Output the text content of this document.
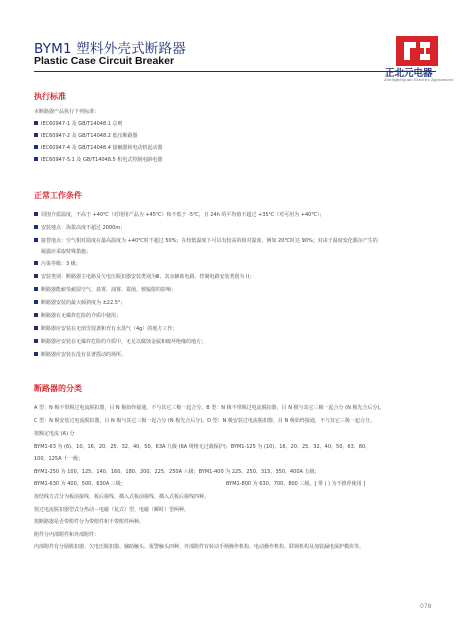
BYM1 塑料外壳式断路器
Plastic Case Circuit Breaker
正北元电器
Zhengbeiyuan Electric Appliances
执行标准
本断路器产品执行下列标准：
IEC60947-1 及 GB/T14048.1 总则
IEC60947-2 及 GB/T14048.2 低压断路器
IEC60947-4 及 GB/T14048.4 接触器和电动机起动器
IEC60947-5.1 及 GB/T14048.5 机电式控制电路电器
正常工作条件
周围介质温度，不高于 +40℃（对现用产品为 +45℃）和不低于 -5℃，且 24h 的平均值不超过 +35℃（对可用为 +40℃）；
安装地点：海拔高度不超过 2000m；
接替地点：空气相对温度在最高温度为 +40℃时不超过 50%；在较低温度下可以有较高的相对温度，例如 20℃时达 90%；对由于温度变化偶尔产生的
凝露应采取特殊措施；
污染等级：3 级；
安装类别：断路器主电路及欠电压脱扣器安装类别为Ⅲ，其余辅助电路、控制电路安装类别为 II；
断路器能耐受耐湿空气、盐雾、油雾、霉菌、核辐射的影响；
断路器安装的最大倾斜度为 ±22.5°；
断路器在无爆炸危险的介质中使用；
断路器应安装在无雨雪侵袭和充有水蒸气（4g）的地方工作；
断路器应安装在无爆炸危险的介质中，无足以腐蚀金属和破坏绝缘的地方；
断路器应安装在没有显著摇动的场所。
断路器的分类
A 型：N 极不带脱过电流脱扣器，目 N 极始终接通，不与其它三极一起合分。B 型：N 极不带脱过电流脱扣器，目 N 极与其它三极一起合分 (N 极先合后分)。
C 型：N 极安装过电流脱扣器，目 N 极与其它三极一起合分 (N 极先合后分)。D 型：N 极安装过电流脱扣器，目 N 极始终接通，不与其它三极一起合分。
按额定电流 (A) 分
BYM1-63 为 (6)、10、16、20、25、32、40、50、63A 九级 (6A 规格无过载保护)；BYM1-125 为 (10)、16、20、25、32、40、50、63、80、
100、125A 十一级；
BYM1-250 为 100、125、140、160、180、200、225、250A 八级；BYM1-400 为 225、250、315、350、400A 五级；
BYM1-630 为 400、500、630A 三级；	BYM1-800 为 630、700、800 三级。[ 带 ( ) 为不推荐使用 ]
按结线方式分为板前接线、板后接线、插入式板前接线、插入式板后接线四种。
按过电流脱扣器型式分热动－电磁（复式）型、电磁（瞬时）型两种。
按断路器是否带附件分为带附件和不带附件两种。
附件分内部附件和外部附件：
内部附件有分励脱扣器、欠电压脱扣器、辅助触头、报警触头四种，外部附件有转动手柄操作机构、电动操作机构、联锁机构及加装漏电保护模块等。
078
